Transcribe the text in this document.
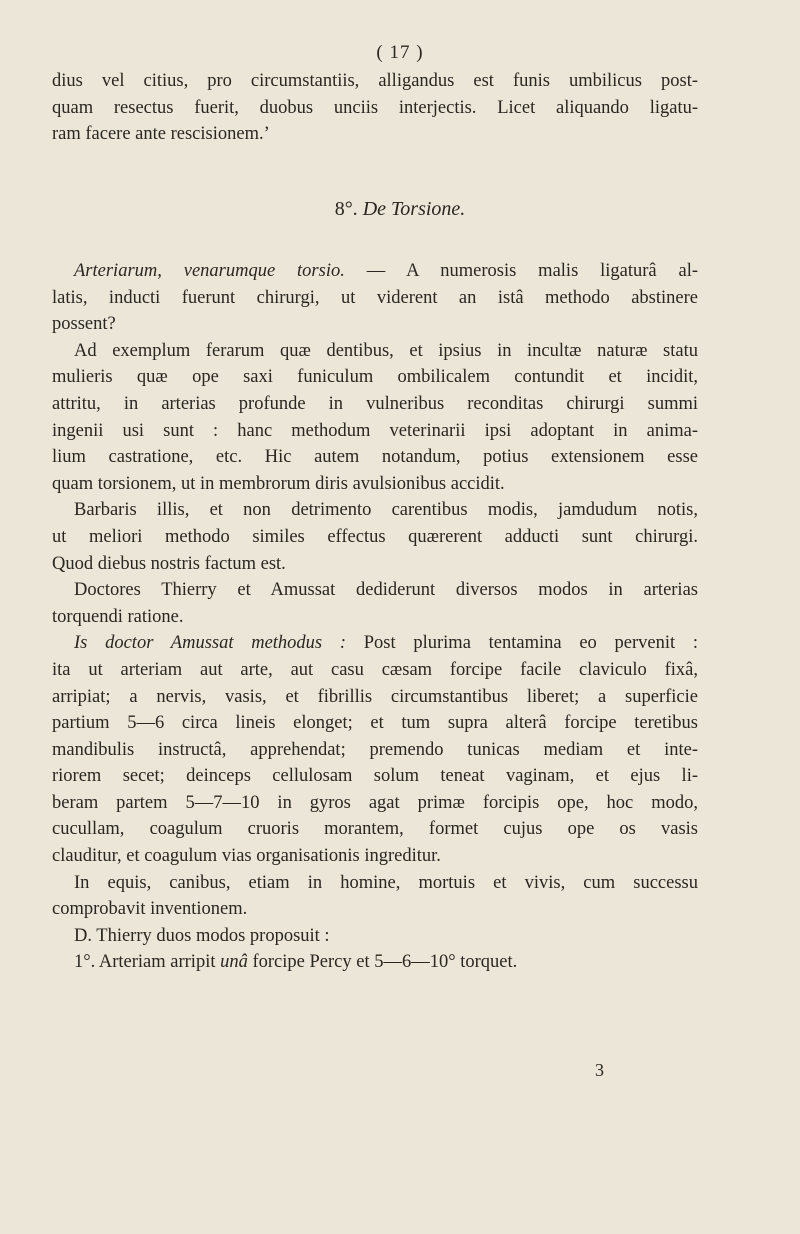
( 17 )
dius vel citius, pro circumstantiis, alligandus est funis umbilicus post-
quam resectus fuerit, duobus unciis interjectis. Licet aliquando ligatu-
ram facere ante rescisionem.’
8°. De Torsione.
Arteriarum, venarumque torsio. — A numerosis malis ligaturâ al-
latis, inducti fuerunt chirurgi, ut viderent an istâ methodo abstinere
possent?
Ad exemplum ferarum quæ dentibus, et ipsius in incultæ naturæ statu
mulieris quæ ope saxi funiculum ombilicalem contundit et incidit,
attritu, in arterias profunde in vulneribus reconditas chirurgi summi
ingenii usi sunt : hanc methodum veterinarii ipsi adoptant in anima-
lium castratione, etc. Hic autem notandum, potius extensionem esse
quam torsionem, ut in membrorum diris avulsionibus accidit.
Barbaris illis, et non detrimento carentibus modis, jamdudum notis,
ut meliori methodo similes effectus quærerent adducti sunt chirurgi.
Quod diebus nostris factum est.
Doctores Thierry et Amussat dediderunt diversos modos in arterias
torquendi ratione.
Is doctor Amussat methodus : Post plurima tentamina eo pervenit :
ita ut arteriam aut arte, aut casu cæsam forcipe facile claviculo fixâ,
arripiat; a nervis, vasis, et fibrillis circumstantibus liberet; a superficie
partium 5—6 circa lineis elonget; et tum supra alterâ forcipe teretibus
mandibulis instructâ, apprehendat; premendo tunicas mediam et inte-
riorem secet; deinceps cellulosam solum teneat vaginam, et ejus li-
beram partem 5—7—10 in gyros agat primæ forcipis ope, hoc modo,
cucullam, coagulum cruoris morantem, formet cujus ope os vasis
clauditur, et coagulum vias organisationis ingreditur.
In equis, canibus, etiam in homine, mortuis et vivis, cum successu
comprobavit inventionem.
D. Thierry duos modos proposuit :
1°. Arteriam arripit unâ forcipe Percy et 5—6—10° torquet.
3
